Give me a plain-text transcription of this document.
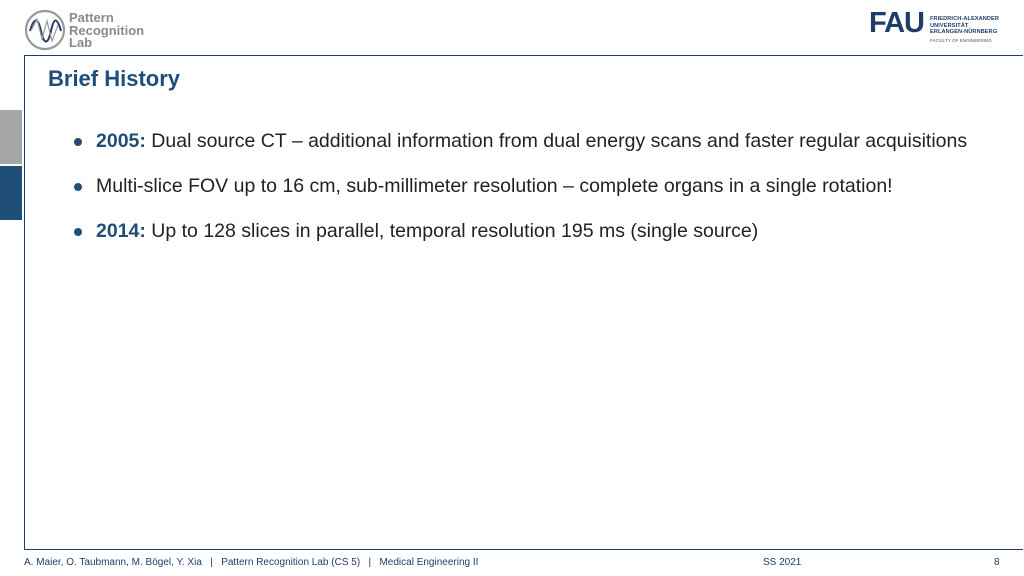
Pattern
Recognition
Lab
FAU FRIEDRICH-ALEXANDER
UNIVERSITÄT
ERLANGEN-NÜRNBERG
FACULTY OF ENGINEERING
Brief History
2005: Dual source CT – additional information from dual energy scans and faster regular acquisitions
Multi-slice FOV up to 16 cm, sub-millimeter resolution – complete organs in a single rotation!
2014: Up to 128 slices in parallel, temporal resolution 195 ms (single source)
A. Maier, O. Taubmann, M. Bögel, Y. Xia | Pattern Recognition Lab (CS 5) | Medical Engineering II	SS 2021	8
